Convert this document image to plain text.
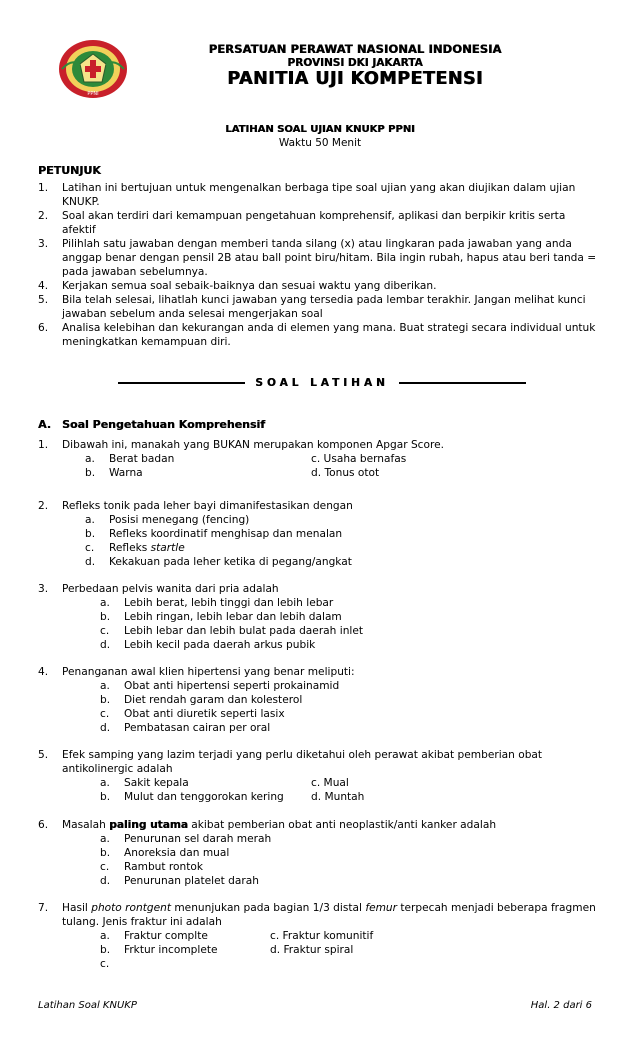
PPNI
PERSATUAN PERAWAT NASIONAL INDONESIA
PROVINSI DKI JAKARTA
PANITIA UJI KOMPETENSI
LATIHAN SOAL UJIAN KNUKP PPNI
Waktu 50 Menit
PETUNJUK
1.	Latihan ini bertujuan untuk mengenalkan berbaga tipe soal ujian yang akan diujikan dalam ujian KNUKP.
2.	Soal akan terdiri dari kemampuan pengetahuan komprehensif, aplikasi dan berpikir kritis serta afektif
3.	Pilihlah satu jawaban dengan memberi tanda silang (x) atau lingkaran pada jawaban yang anda anggap benar dengan pensil 2B atau ball point biru/hitam. Bila ingin rubah, hapus atau beri tanda = pada jawaban sebelumnya.
4.	Kerjakan semua soal sebaik-baiknya dan sesuai waktu yang diberikan.
5.	Bila telah selesai, lihatlah kunci jawaban yang tersedia pada lembar terakhir. Jangan melihat kunci jawaban sebelum anda selesai mengerjakan soal
6.	Analisa kelebihan dan kekurangan anda di elemen yang mana. Buat strategi secara individual untuk meningkatkan kemampuan diri.
SOAL LATIHAN
A.	Soal Pengetahuan Komprehensif
1.	Dibawah ini, manakah yang BUKAN merupakan komponen Apgar Score.
a.	Berat badan	c. Usaha bernafas
b.	Warna	d. Tonus otot
2.	Refleks tonik pada leher bayi dimanifestasikan dengan
a.	Posisi menegang (fencing)
b.	Refleks koordinatif menghisap dan menalan
c.	Refleks startle
d.	Kekakuan pada leher ketika di pegang/angkat
3.	Perbedaan pelvis wanita dari pria adalah
a.	Lebih berat, lebih tinggi dan lebih lebar
b.	Lebih ringan, lebih lebar dan lebih dalam
c.	Lebih lebar dan lebih bulat pada daerah inlet
d.	Lebih kecil pada daerah arkus pubik
4.	Penanganan awal klien hipertensi yang benar meliputi:
a.	Obat anti hipertensi seperti prokainamid
b.	Diet rendah garam dan kolesterol
c.	Obat anti diuretik seperti lasix
d.	Pembatasan cairan per oral
5.	Efek samping yang lazim terjadi yang perlu diketahui oleh perawat akibat pemberian obat antikolinergic adalah
a.	Sakit kepala	c. Mual
b.	Mulut dan tenggorokan kering	d. Muntah
6.	Masalah paling utama akibat pemberian obat anti neoplastik/anti kanker adalah
a.	Penurunan sel darah merah
b.	Anoreksia dan mual
c.	Rambut rontok
d.	Penurunan platelet darah
7.	Hasil photo rontgent menunjukan pada bagian 1/3 distal femur terpecah menjadi beberapa fragmen tulang. Jenis fraktur ini adalah
a.	Fraktur complte	c. Fraktur komunitif
b.	Frktur incomplete	d. Fraktur spiral
c.
Latihan Soal KNUKP	Hal. 2 dari 6
